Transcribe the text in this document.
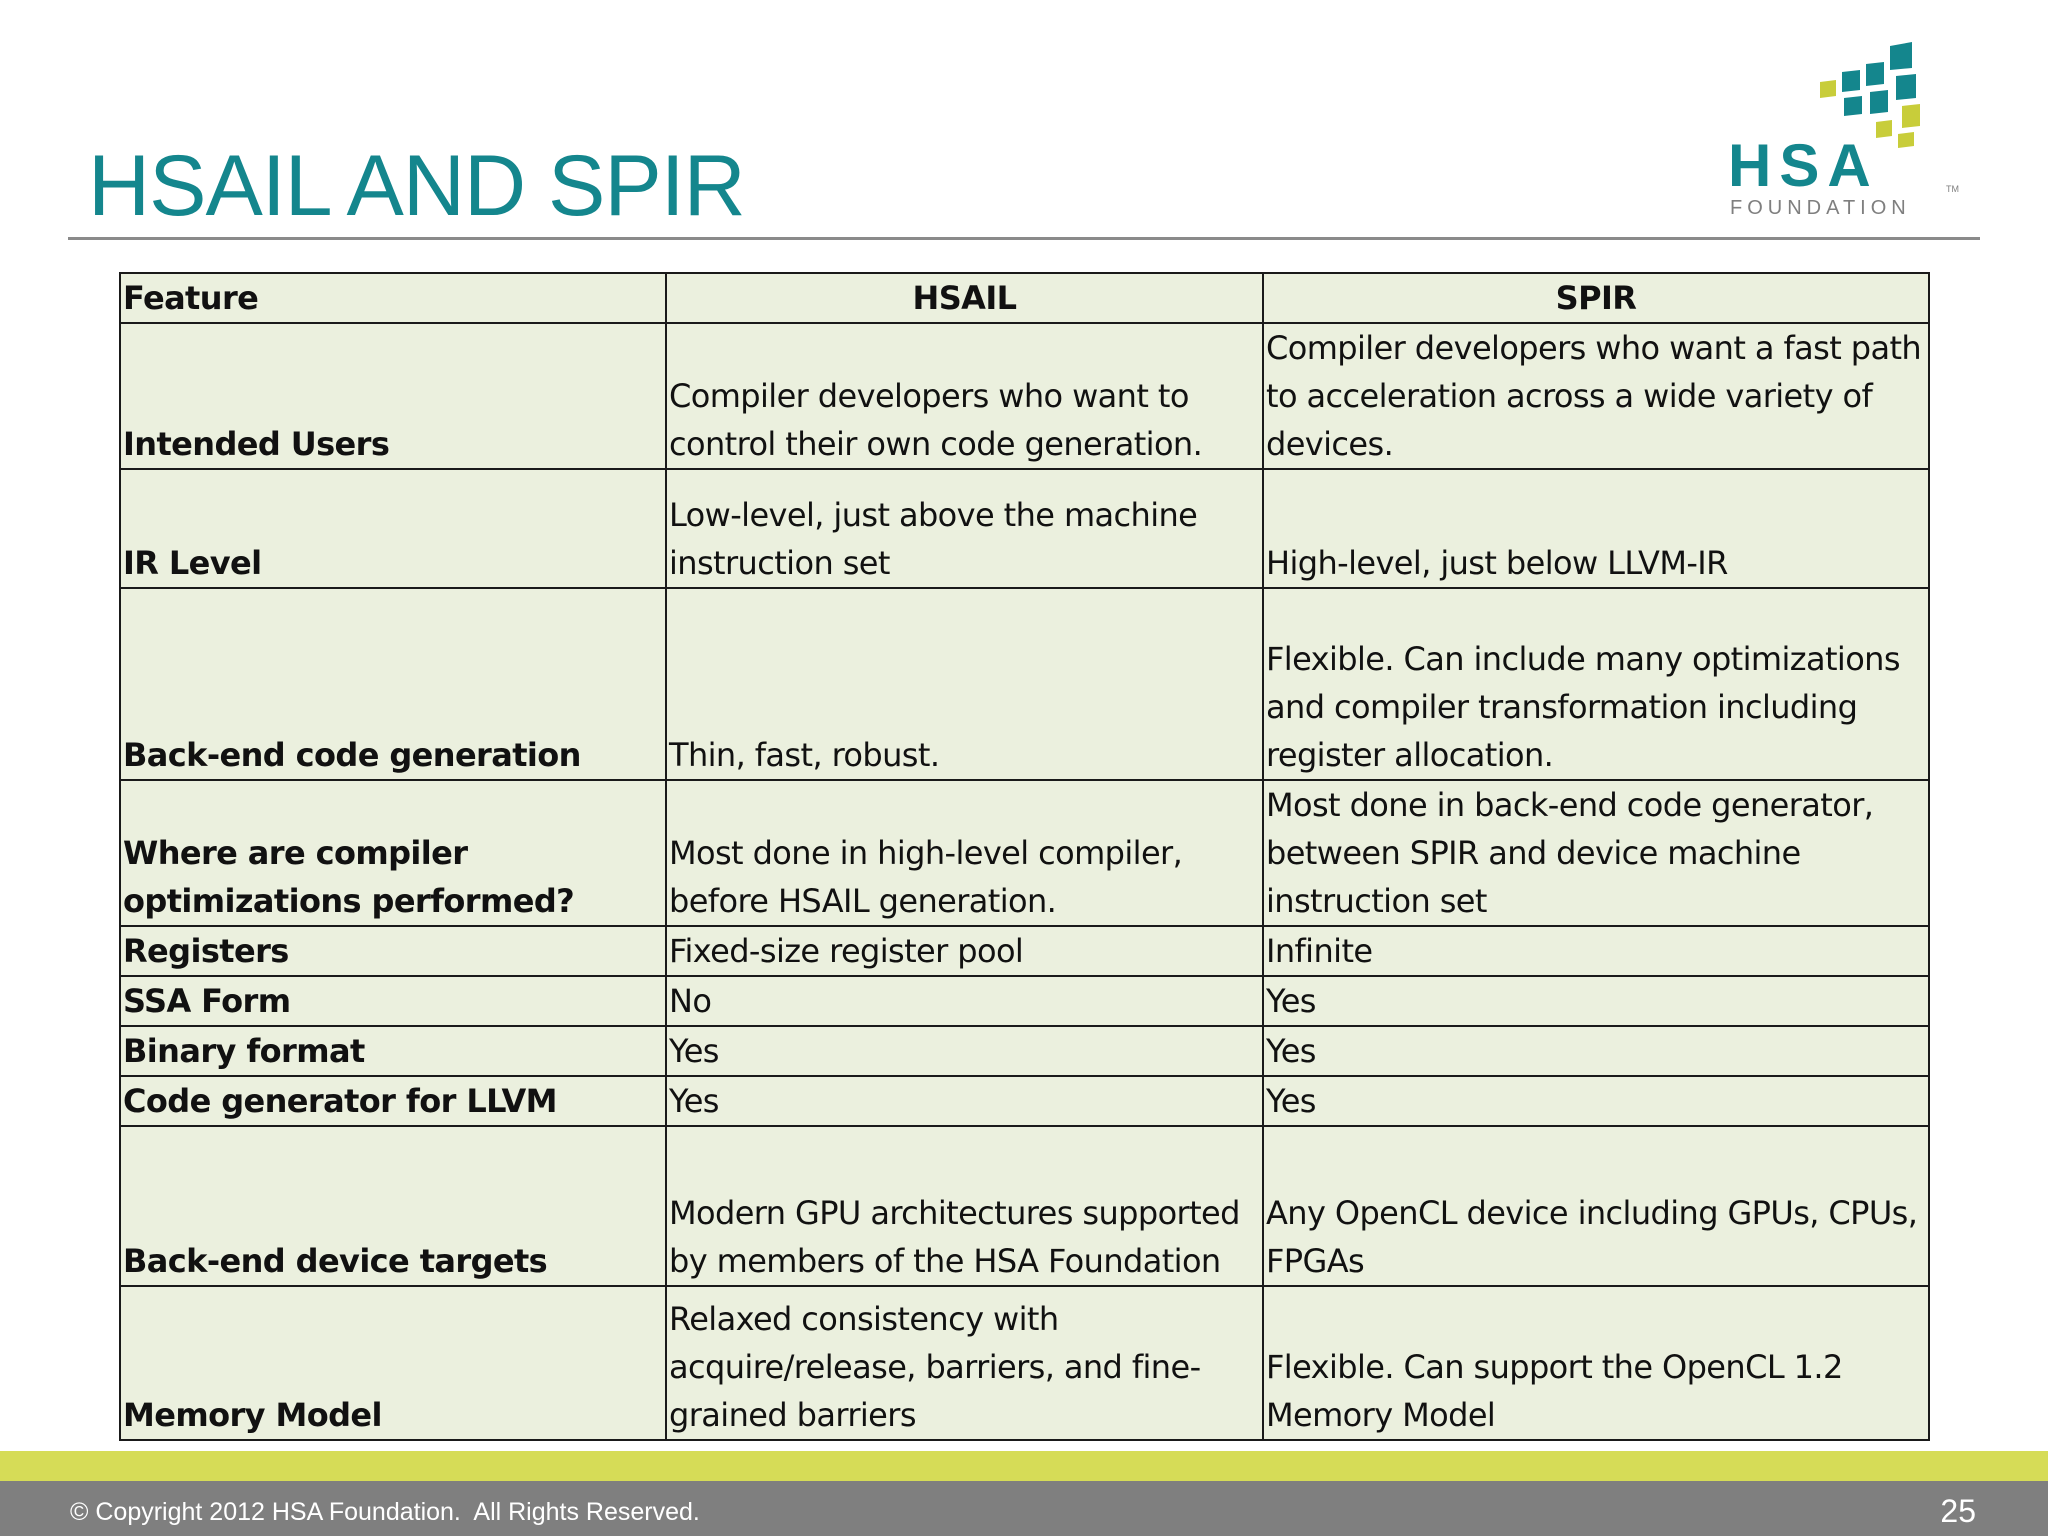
HSAIL AND SPIR	HSA	TM
FOUNDATION
Feature	HSAIL	SPIR
Intended Users	Compiler developers who want to control their own code generation.	Compiler developers who want a fast path to acceleration across a wide variety of devices.
IR Level	Low-level, just above the machine instruction set	High-level, just below LLVM-IR
Back-end code generation	Thin, fast, robust.	Flexible. Can include many optimizations and compiler transformation including register allocation.
Where are compiler optimizations performed?	Most done in high-level compiler, before HSAIL generation.	Most done in back-end code generator, between SPIR and device machine instruction set
Registers	Fixed-size register pool	Infinite
SSA Form	No	Yes
Binary format	Yes	Yes
Code generator for LLVM	Yes	Yes
Back-end device targets	Modern GPU architectures supported by members of the HSA Foundation	Any OpenCL device including GPUs, CPUs, FPGAs
Memory Model	Relaxed consistency with acquire/release, barriers, and fine-grained barriers	Flexible. Can support the OpenCL 1.2 Memory Model
© Copyright 2012 HSA Foundation.  All Rights Reserved.	25
